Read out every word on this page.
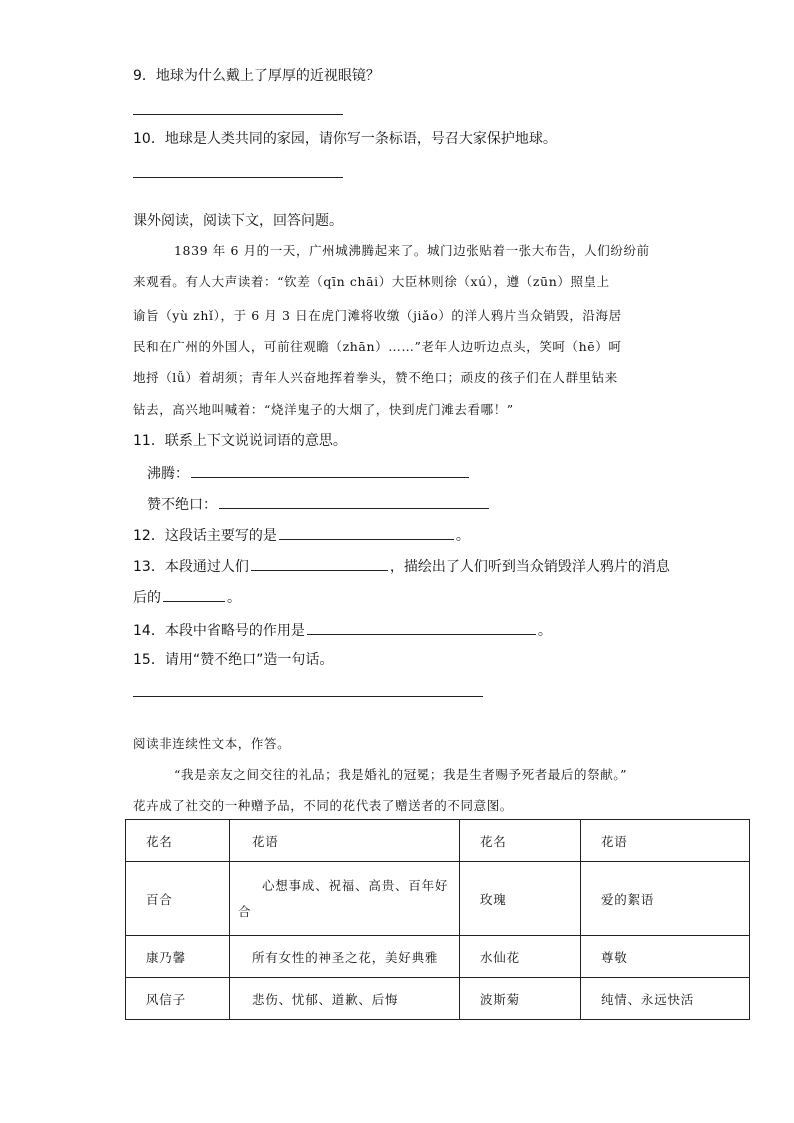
9．地球为什么戴上了厚厚的近视眼镜？
10．地球是人类共同的家园，请你写一条标语，号召大家保护地球。
课外阅读，阅读下文，回答问题。
1839 年 6 月的一天，广州城沸腾起来了。城门边张贴着一张大布告，人们纷纷前
来观看。有人大声读着：“钦差（qīn chāi）大臣林则徐（xú），遵（zūn）照皇上
谕旨（yù zhǐ），于 6 月 3 日在虎门滩将收缴（jiǎo）的洋人鸦片当众销毁，沿海居
民和在广州的外国人，可前往观瞻（zhān）……”老年人边听边点头，笑呵（hē）呵
地捋（lǚ）着胡须；青年人兴奋地挥着拳头，赞不绝口；顽皮的孩子们在人群里钻来
钻去，高兴地叫喊着：“烧洋鬼子的大烟了，快到虎门滩去看哪！”
11．联系上下文说说词语的意思。
沸腾：
赞不绝口：
12．这段话主要写的是	。
13．本段通过人们	，描绘出了人们听到当众销毁洋人鸦片的消息
后的	。
14．本段中省略号的作用是	。
15．请用“赞不绝口”造一句话。
阅读非连续性文本，作答。
“我是亲友之间交往的礼品；我是婚礼的冠冕；我是生者赐予死者最后的祭献。”
花卉成了社交的一种赠予品，不同的花代表了赠送者的不同意图。
花名	花语	花名	花语
百合	心想事成、祝福、高贵、百年好合	玫瑰	爱的絮语
康乃馨	所有女性的神圣之花，美好典雅	水仙花	尊敬
风信子	悲伤、忧郁、道歉、后悔	波斯菊	纯情、永远快活
